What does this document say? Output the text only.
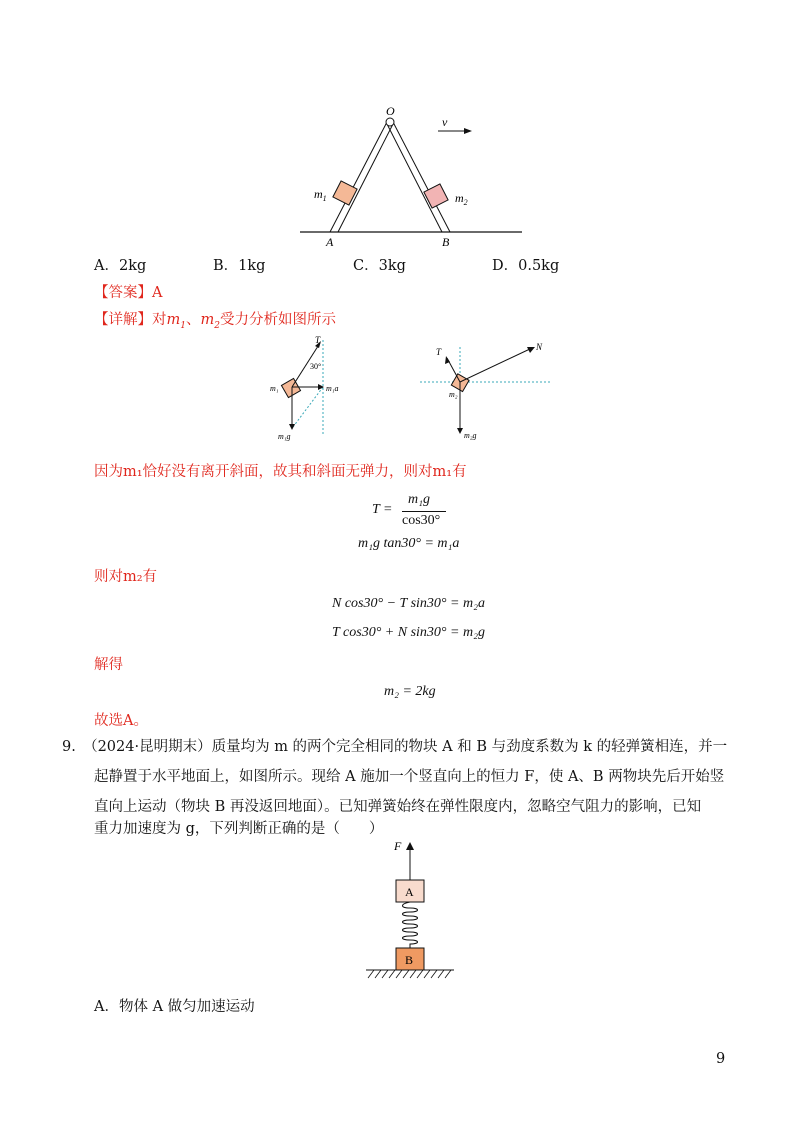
O
v
$m_1$	$m_2$
A	B
A．2kg	B．1kg	C．3kg	D．0.5kg
【答案】A
【详解】对$m_1$、$m_2$受力分析如图所示
T
30°
m₁a
m₁
m₁g
T	N
m₂
m₂g
因为m₁恰好没有离开斜面，故其和斜面无弹力，则对m₁有
T =
m₁g
cos30°
m₁g tan30° = m₁a
则对m₂有
N cos30° − T sin30° = m₂a
T cos30° + N sin30° = m₂g
解得
m₂ = 2kg
故选A。
9.　（2024·昆明期末）质量均为 m 的两个完全相同的物块 A 和 B 与劲度系数为 k 的轻弹簧相连，并一
起静置于水平地面上，如图所示。现给 A 施加一个竖直向上的恒力 F，使 A、B 两物块先后开始竖
直向上运动（物块 B 再没返回地面）。已知弹簧始终在弹性限度内，忽略空气阻力的影响，已知
重力加速度为 g，下列判断正确的是（　　）
F
A
B
A．物体 A 做匀加速运动
9
